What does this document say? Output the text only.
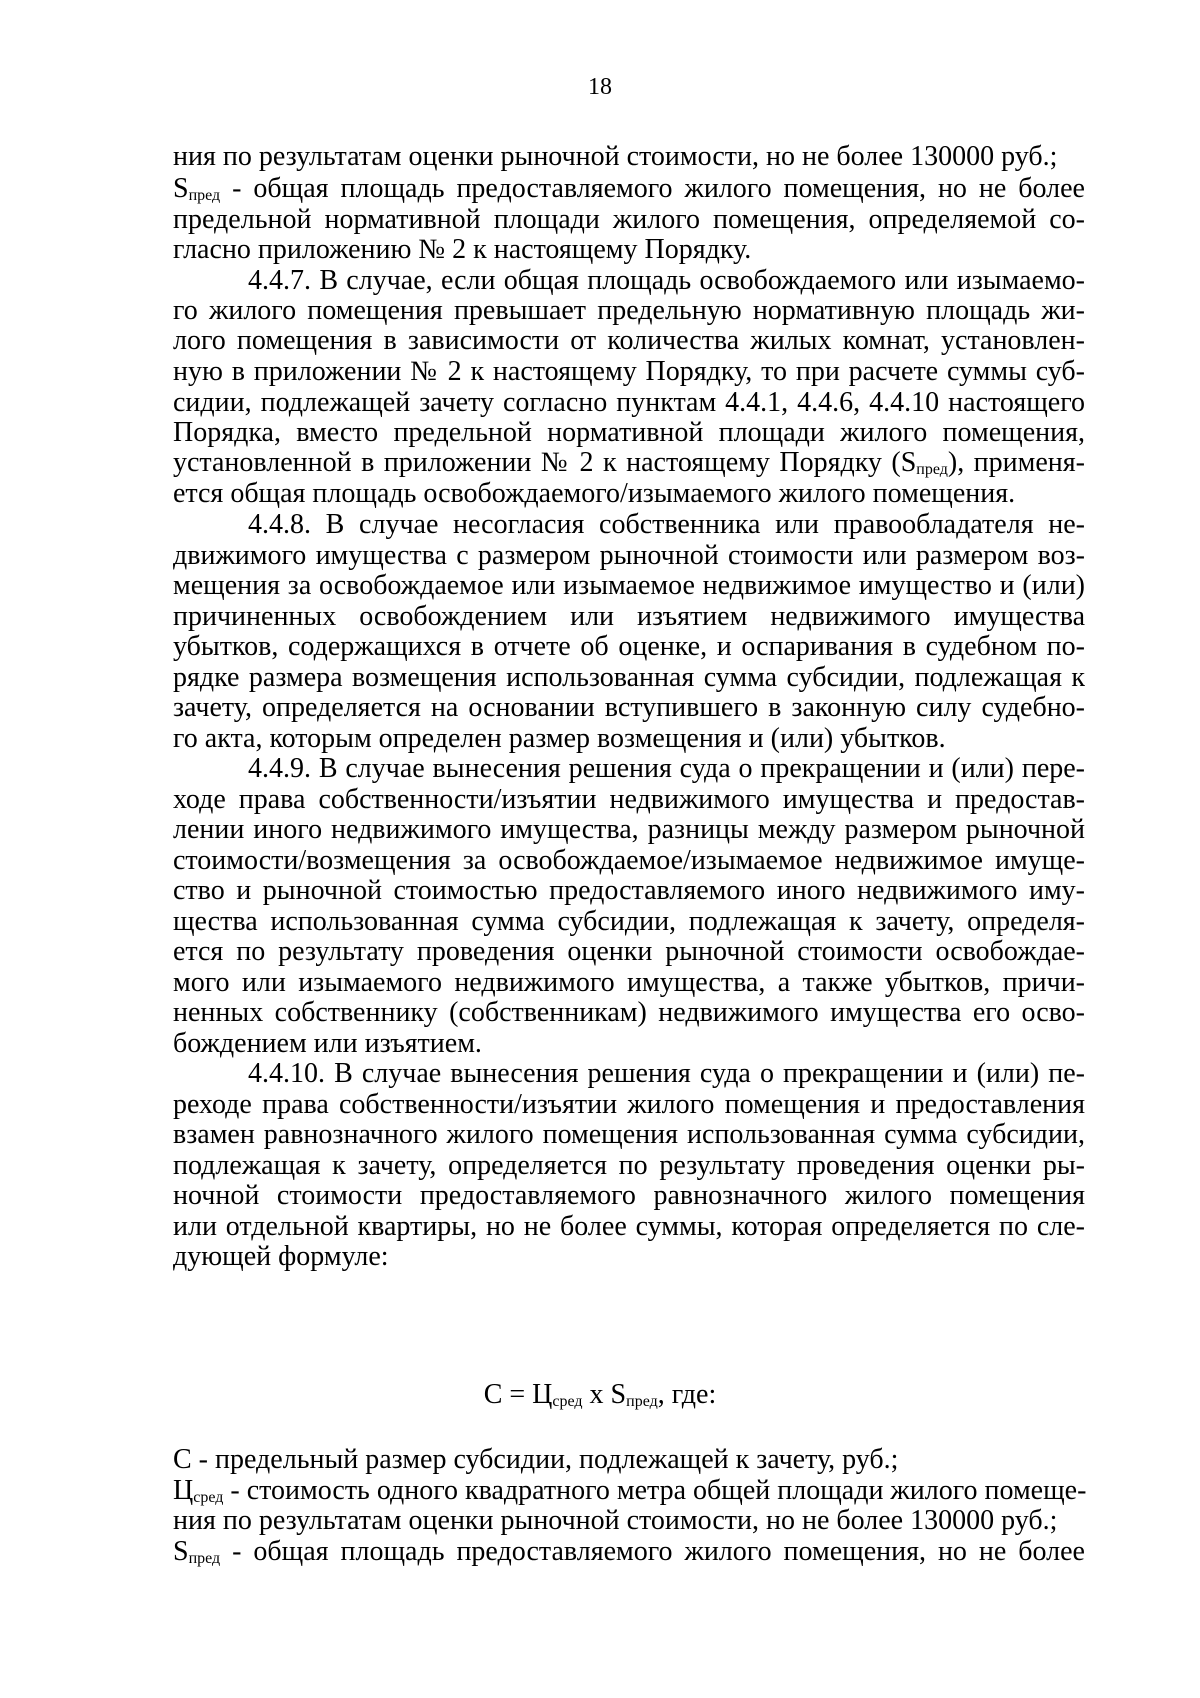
18
ния по результатам оценки рыночной стоимости, но не более 130000 руб.;
$S_{пред}$ - общая площадь предоставляемого жилого помещения, но не более
предельной нормативной площади жилого помещения, определяемой со-
гласно приложению № 2 к настоящему Порядку.
4.4.7. В случае, если общая площадь освобождаемого или изымаемо-
го жилого помещения превышает предельную нормативную площадь жи-
лого помещения в зависимости от количества жилых комнат, установлен-
ную в приложении № 2 к настоящему Порядку, то при расчете суммы суб-
сидии, подлежащей зачету согласно пунктам 4.4.1, 4.4.6, 4.4.10 настоящего
Порядка, вместо предельной нормативной площади жилого помещения,
установленной в приложении № 2 к настоящему Порядку $(S_{пред})$, применя-
ется общая площадь освобождаемого/изымаемого жилого помещения.
4.4.8. В случае несогласия собственника или правообладателя не-
движимого имущества с размером рыночной стоимости или размером воз-
мещения за освобождаемое или изымаемое недвижимое имущество и (или)
причиненных освобождением или изъятием недвижимого имущества
убытков, содержащихся в отчете об оценке, и оспаривания в судебном по-
рядке размера возмещения использованная сумма субсидии, подлежащая к
зачету, определяется на основании вступившего в законную силу судебно-
го акта, которым определен размер возмещения и (или) убытков.
4.4.9. В случае вынесения решения суда о прекращении и (или) пере-
ходе права собственности/изъятии недвижимого имущества и предостав-
лении иного недвижимого имущества, разницы между размером рыночной
стоимости/возмещения за освобождаемое/изымаемое недвижимое имуще-
ство и рыночной стоимостью предоставляемого иного недвижимого иму-
щества использованная сумма субсидии, подлежащая к зачету, определя-
ется по результату проведения оценки рыночной стоимости освобождае-
мого или изымаемого недвижимого имущества, а также убытков, причи-
ненных собственнику (собственникам) недвижимого имущества его осво-
бождением или изъятием.
4.4.10. В случае вынесения решения суда о прекращении и (или) пе-
реходе права собственности/изъятии жилого помещения и предоставления
взамен равнозначного жилого помещения использованная сумма субсидии,
подлежащая к зачету, определяется по результату проведения оценки ры-
ночной стоимости предоставляемого равнозначного жилого помещения
или отдельной квартиры, но не более суммы, которая определяется по сле-
дующей формуле:
$C = Ц_{сред}$ x $S_{пред}$, где:
C - предельный размер субсидии, подлежащей к зачету, руб.;
$Ц_{сред}$ - стоимость одного квадратного метра общей площади жилого помеще-
ния по результатам оценки рыночной стоимости, но не более 130000 руб.;
$S_{пред}$ - общая площадь предоставляемого жилого помещения, но не более
